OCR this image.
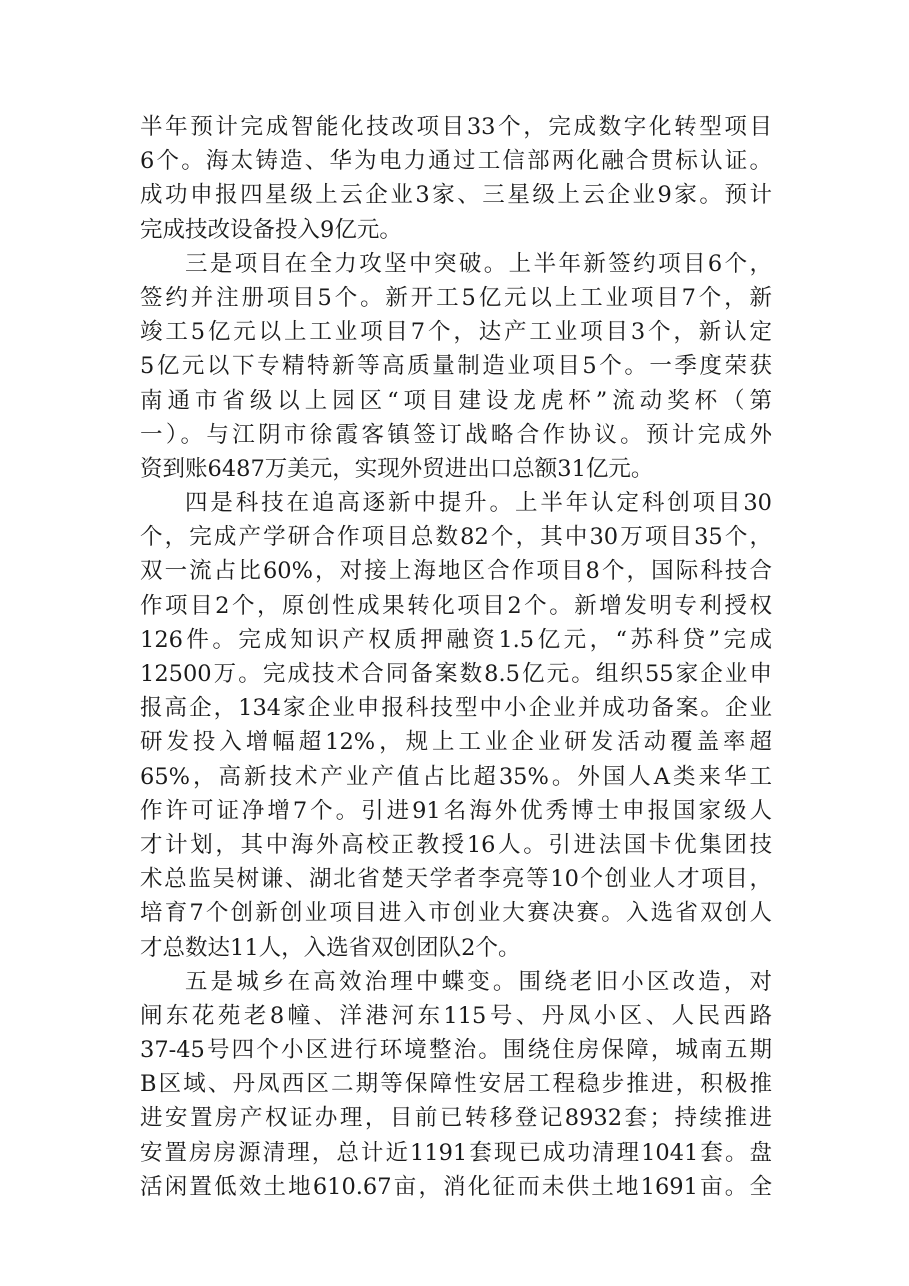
半年预计完成智能化技改项目33个，完成数字化转型项目
6个。海太铸造、华为电力通过工信部两化融合贯标认证。
成功申报四星级上云企业3家、三星级上云企业9家。预计
完成技改设备投入9亿元。
三是项目在全力攻坚中突破。上半年新签约项目6个，
签约并注册项目5个。新开工5亿元以上工业项目7个，新
竣工5亿元以上工业项目7个，达产工业项目3个，新认定
5亿元以下专精特新等高质量制造业项目5个。一季度荣获
南通市省级以上园区“项目建设龙虎杯”流动奖杯（第
一）。与江阴市徐霞客镇签订战略合作协议。预计完成外
资到账6487万美元，实现外贸进出口总额31亿元。
四是科技在追高逐新中提升。上半年认定科创项目30
个，完成产学研合作项目总数82个，其中30万项目35个，
双一流占比60%，对接上海地区合作项目8个，国际科技合
作项目2个，原创性成果转化项目2个。新增发明专利授权
126件。完成知识产权质押融资1.5亿元，“苏科贷”完成
12500万。完成技术合同备案数8.5亿元。组织55家企业申
报高企，134家企业申报科技型中小企业并成功备案。企业
研发投入增幅超12%，规上工业企业研发活动覆盖率超
65%，高新技术产业产值占比超35%。外国人A类来华工
作许可证净增7个。引进91名海外优秀博士申报国家级人
才计划，其中海外高校正教授16人。引进法国卡优集团技
术总监吴树谦、湖北省楚天学者李亮等10个创业人才项目，
培育7个创新创业项目进入市创业大赛决赛。入选省双创人
才总数达11人，入选省双创团队2个。
五是城乡在高效治理中蝶变。围绕老旧小区改造，对
闸东花苑老8幢、洋港河东115号、丹凤小区、人民西路
37-45号四个小区进行环境整治。围绕住房保障，城南五期
B区域、丹凤西区二期等保障性安居工程稳步推进，积极推
进安置房产权证办理，目前已转移登记8932套；持续推进
安置房房源清理，总计近1191套现已成功清理1041套。盘
活闲置低效土地610.67亩，消化征而未供土地1691亩。全
